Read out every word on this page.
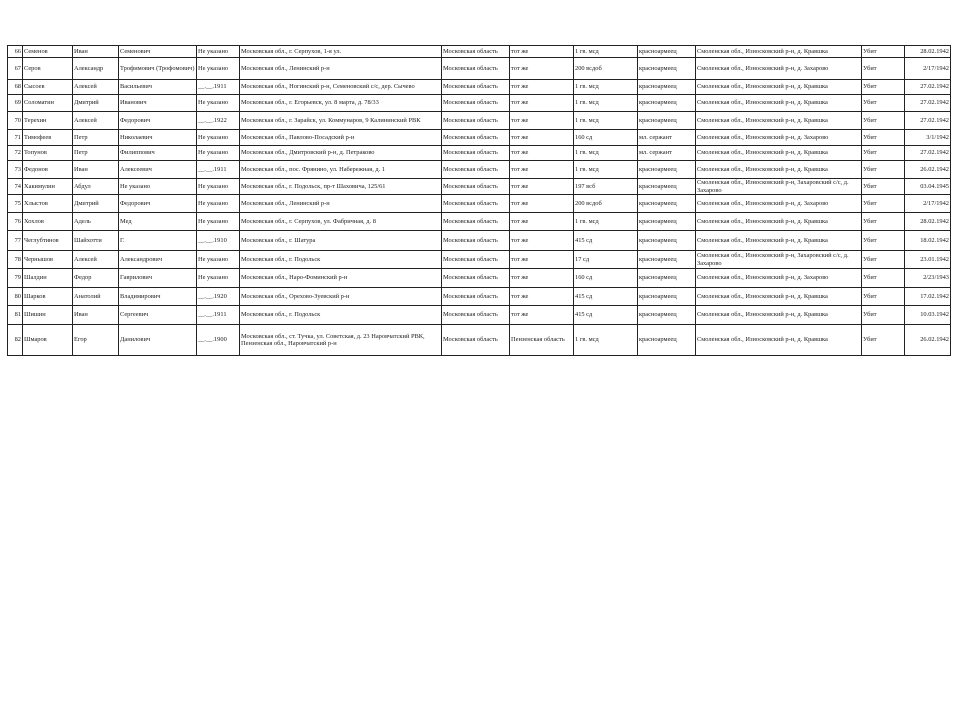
66	Семенов	Иван	Семенович	Не указано	Московская обл., г. Серпухов, 1-я ул.	Московская область	тот же	1 гв. мсд	красноармеец	Смоленская обл., Износковский р-н, д. Кравшка	Убит	28.02.1942
67	Серов	Александр	Трофимович (Трофомович)	Не указано	Московская обл., Ленинский р-н	Московская область	тот же	200 всдоб	красноармеец	Смоленская обл., Износковский р-н, д. Захарово	Убит	2/17/1942
68	Сысоев	Алексей	Васильевич	__.__.1911	Московская обл., Ногинский р-н, Семеновский с/с, дер. Сычево	Московская область	тот же	1 гв. мсд	красноармеец	Смоленская обл., Износковский р-н, д. Кравшка	Убит	27.02.1942
69	Соломатин	Дмитрий	Иванович	Не указано	Московская обл., г. Егорьевск, ул. 8 марта, д. 78/33	Московская область	тот же	1 гв. мсд	красноармеец	Смоленская обл., Износковский р-н, д. Кравшка	Убит	27.02.1942
70	Терехин	Алексей	Федорович	__.__.1922	Московская обл., г. Зарайск, ул. Коммунаров, 9 Калининский РВК	Московская область	тот же	1 гв. мсд	красноармеец	Смоленская обл., Износковский р-н, д. Кравшка	Убит	27.02.1942
71	Тимофеев	Петр	Николаевич	Не указано	Московская обл., Павлово-Посадский р-н	Московская область	тот же	160 сд	мл. сержант	Смоленская обл., Износковский р-н, д. Захарово	Убит	3/1/1942
72	Топунов	Петр	Филиппович	Не указано	Московская обл., Дмитровский р-н, д. Петраково	Московская область	тот же	1 гв. мсд	мл. сержант	Смоленская обл., Износковский р-н, д. Кравшка	Убит	27.02.1942
73	Федонов	Иван	Алексеевич	__.__.1911	Московская обл., пос. Фрянино, ул. Набережная, д. 1	Московская область	тот же	1 гв. мсд	красноармеец	Смоленская обл., Износковский р-н, д. Кравшка	Убит	26.02.1942
74	Хакимулин	Абдул	Не указано	Не указано	Московская обл., г. Подольск, пр-т Шаховича, 125/61	Московская область	тот же	197 всб	красноармеец	Смоленская обл., Износковский р-н, Захаровский с/с, д. Захарово	Убит	03.04.1945
75	Хлыстов	Дмитрий	Федорович	Не указано	Московская обл., Ленинский р-н	Московская область	тот же	200 всдоб	красноармеец	Смоленская обл., Износковский р-н, д. Захарово	Убит	2/17/1942
76	Хохлов	Адель	Мед	Не указано	Московская обл., г. Серпухов, ул. Фабричная, д. 8	Московская область	тот же	1 гв. мсд	красноармеец	Смоленская обл., Износковский р-н, д. Кравшка	Убит	28.02.1942
77	Чеглубтинов	Шайхотти	Г.	__.__.1910	Московская обл., г. Шатура	Московская область	тот же	415 сд	красноармеец	Смоленская обл., Износковский р-н, д. Кравшка	Убит	18.02.1942
78	Чернышов	Алексей	Александрович	Не указано	Московская обл., г. Подольск	Московская область	тот же	17 сд	красноармеец	Смоленская обл., Износковский р-н, Захаровский с/с, д. Захарово	Убит	23.01.1942
79	Шалдин	Федор	Гаврилович	Не указано	Московская обл., Наро-Фоминский р-н	Московская область	тот же	160 сд	красноармеец	Смоленская обл., Износковский р-н, д. Захарово	Убит	2/23/1943
80	Шарков	Анатолий	Владимирович	__.__.1920	Московская обл., Орехово-Зуевский р-н	Московская область	тот же	415 сд	красноармеец	Смоленская обл., Износковский р-н, д. Кравшка	Убит	17.02.1942
81	Шишин	Иван	Сергеевич	__.__.1911	Московская обл., г. Подольск	Московская область	тот же	415 сд	красноармеец	Смоленская обл., Износковский р-н, д. Кравшка	Убит	10.03.1942
82	Шмаров	Егор	Данилович	__.__.1900	Московская обл., ст. Тучка, ул. Советская, д. 23 Наровчатский РВК, Пензенская обл., Наровчатский р-н	Московская область	Пензенская область	1 гв. мсд	красноармеец	Смоленская обл., Износковский р-н, д. Кравшка	Убит	26.02.1942
